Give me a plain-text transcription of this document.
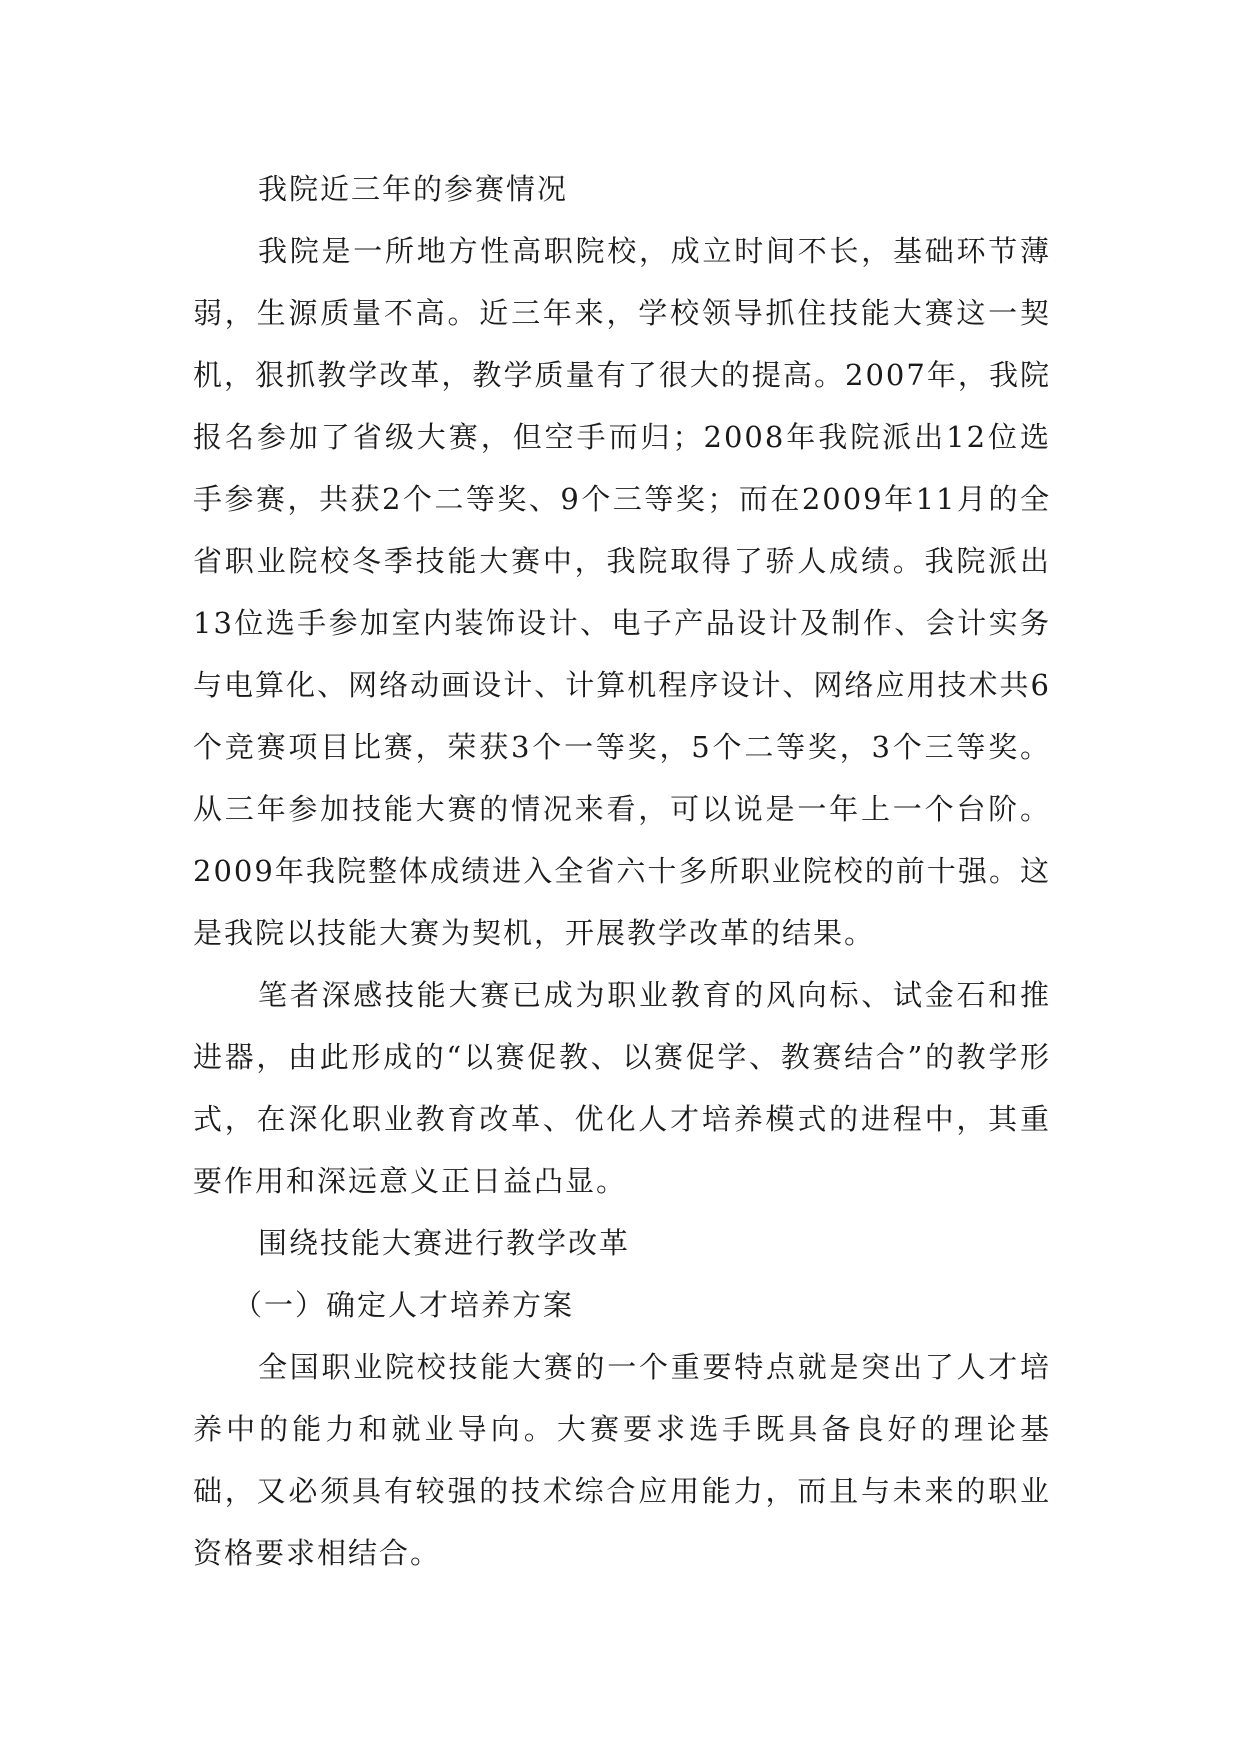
我院近三年的参赛情况

我院是一所地方性高职院校，成立时间不长，基础环节薄弱，生源质量不高。近三年来，学校领导抓住技能大赛这一契机，狠抓教学改革，教学质量有了很大的提高。2007年，我院报名参加了省级大赛，但空手而归；2008年我院派出12位选手参赛，共获2个二等奖、9个三等奖；而在2009年11月的全省职业院校冬季技能大赛中，我院取得了骄人成绩。我院派出13位选手参加室内装饰设计、电子产品设计及制作、会计实务与电算化、网络动画设计、计算机程序设计、网络应用技术共6个竞赛项目比赛，荣获3个一等奖，5个二等奖，3个三等奖。从三年参加技能大赛的情况来看，可以说是一年上一个台阶。2009年我院整体成绩进入全省六十多所职业院校的前十强。这是我院以技能大赛为契机，开展教学改革的结果。

笔者深感技能大赛已成为职业教育的风向标、试金石和推进器，由此形成的“以赛促教、以赛促学、教赛结合”的教学形式，在深化职业教育改革、优化人才培养模式的进程中，其重要作用和深远意义正日益凸显。

围绕技能大赛进行教学改革

（一）确定人才培养方案

全国职业院校技能大赛的一个重要特点就是突出了人才培养中的能力和就业导向。大赛要求选手既具备良好的理论基础，又必须具有较强的技术综合应用能力，而且与未来的职业资格要求相结合。
